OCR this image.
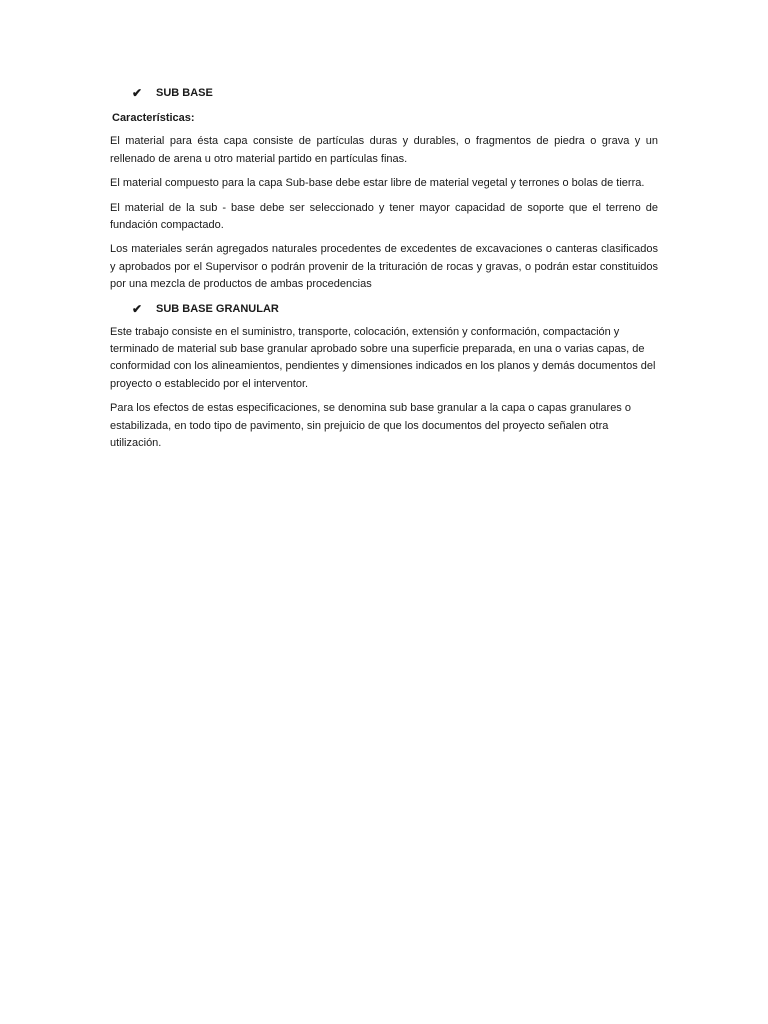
✔ SUB BASE
Características:

El material para ésta capa consiste de partículas duras y durables, o fragmentos de piedra o grava y un rellenado de arena u otro material partido en partículas finas.

El material compuesto para la capa Sub-base debe estar libre de material vegetal y terrones o bolas de tierra.

El material de la sub - base debe ser seleccionado y tener mayor capacidad de soporte que el terreno de fundación compactado.

Los materiales serán agregados naturales procedentes de excedentes de excavaciones o canteras clasificados y aprobados por el Supervisor o podrán provenir de la trituración de rocas y gravas, o podrán estar constituidos por una mezcla de productos de ambas procedencias

✔ SUB BASE GRANULAR

Este trabajo consiste en el suministro, transporte, colocación, extensión y conformación, compactación y terminado de material sub base granular aprobado sobre una superficie preparada, en una o varias capas, de conformidad con los alineamientos, pendientes y dimensiones indicados en los planos y demás documentos del proyecto o establecido por el interventor.

Para los efectos de estas especificaciones, se denomina sub base granular a la capa o capas granulares o estabilizada, en todo tipo de pavimento, sin prejuicio de que los documentos del proyecto señalen otra utilización.
